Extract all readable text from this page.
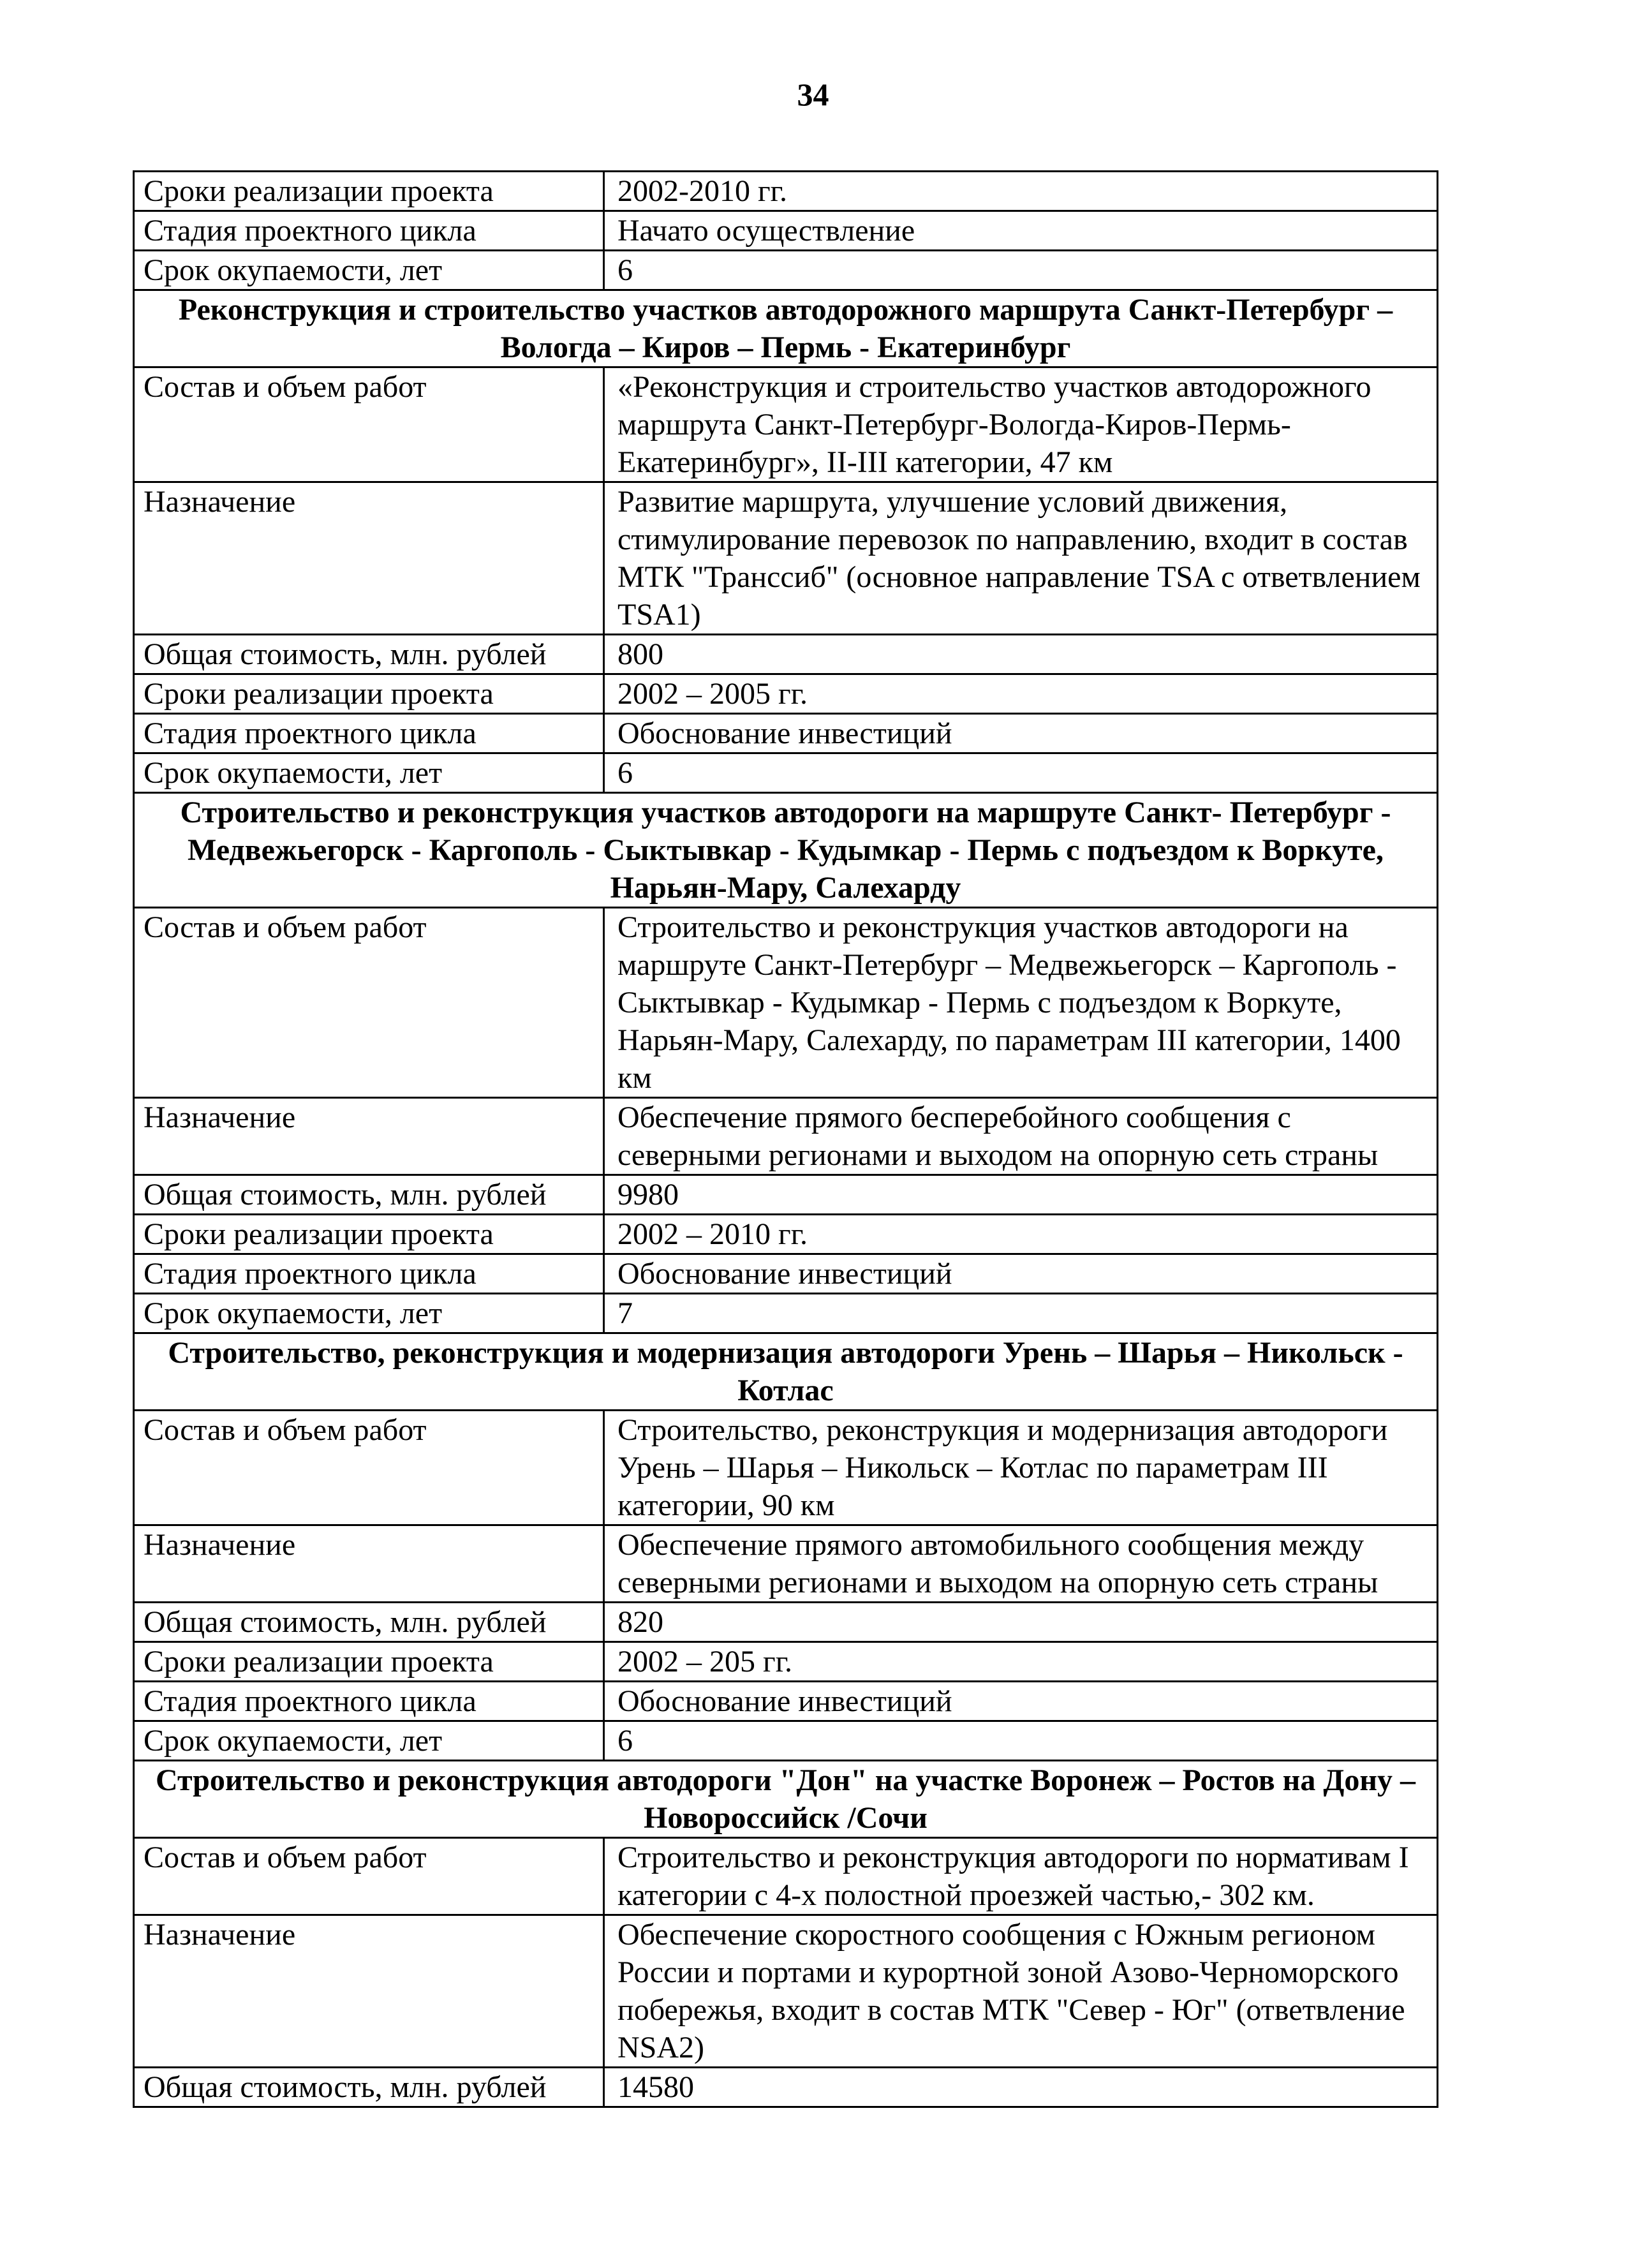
34
Сроки реализации проекта	2002-2010 гг.
Стадия проектного цикла	Начато осуществление
Срок окупаемости, лет	6
Реконструкция и строительство участков автодорожного маршрута Санкт-Петербург – Вологда – Киров – Пермь - Екатеринбург	
Состав и объем работ	«Реконструкция и строительство участков автодорожного маршрута Санкт-Петербург-Вологда-Киров-Пермь-Екатеринбург», II-III категории, 47 км
Назначение	Развитие маршрута, улучшение условий движения, стимулирование перевозок по направлению, входит в состав МТК "Транссиб" (основное направление TSA с ответвлением TSA1)
Общая стоимость, млн. рублей	800
Сроки реализации проекта	2002 – 2005 гг.
Стадия проектного цикла	Обоснование инвестиций
Срок окупаемости, лет	6
Строительство и реконструкция участков автодороги на маршруте Санкт- Петербург - Медвежьегорск - Каргополь - Сыктывкар - Кудымкар - Пермь с подъездом к Воркуте, Нарьян-Мару, Салехарду	
Состав и объем работ	Строительство и реконструкция участков автодороги на маршруте Санкт-Петербург – Медвежьегорск – Каргополь - Сыктывкар - Кудымкар - Пермь с подъездом к Воркуте, Нарьян-Мару, Салехарду, по параметрам III категории, 1400 км
Назначение	Обеспечение прямого бесперебойного сообщения с северными регионами и выходом на опорную сеть страны
Общая стоимость, млн. рублей	9980
Сроки реализации проекта	2002 – 2010 гг.
Стадия проектного цикла	Обоснование инвестиций
Срок окупаемости, лет	7
Строительство, реконструкция и модернизация автодороги Урень – Шарья – Никольск - Котлас	
Состав и объем работ	Строительство, реконструкция и модернизация автодороги Урень – Шарья – Никольск – Котлас по параметрам III категории, 90 км
Назначение	Обеспечение прямого автомобильного сообщения между северными регионами и выходом на опорную сеть страны
Общая стоимость, млн. рублей	820
Сроки реализации проекта	2002 – 205 гг.
Стадия проектного цикла	Обоснование инвестиций
Срок окупаемости, лет	6
Строительство и реконструкция автодороги "Дон" на участке Воронеж – Ростов на Дону – Новороссийск /Сочи	
Состав и объем работ	Строительство и реконструкция автодороги по нормативам I категории с 4-х полостной проезжей частью,- 302 км.
Назначение	Обеспечение скоростного сообщения с Южным регионом России и портами и курортной зоной Азово-Черноморского побережья, входит в состав МТК "Север - Юг" (ответвление NSA2)
Общая стоимость, млн. рублей	14580
